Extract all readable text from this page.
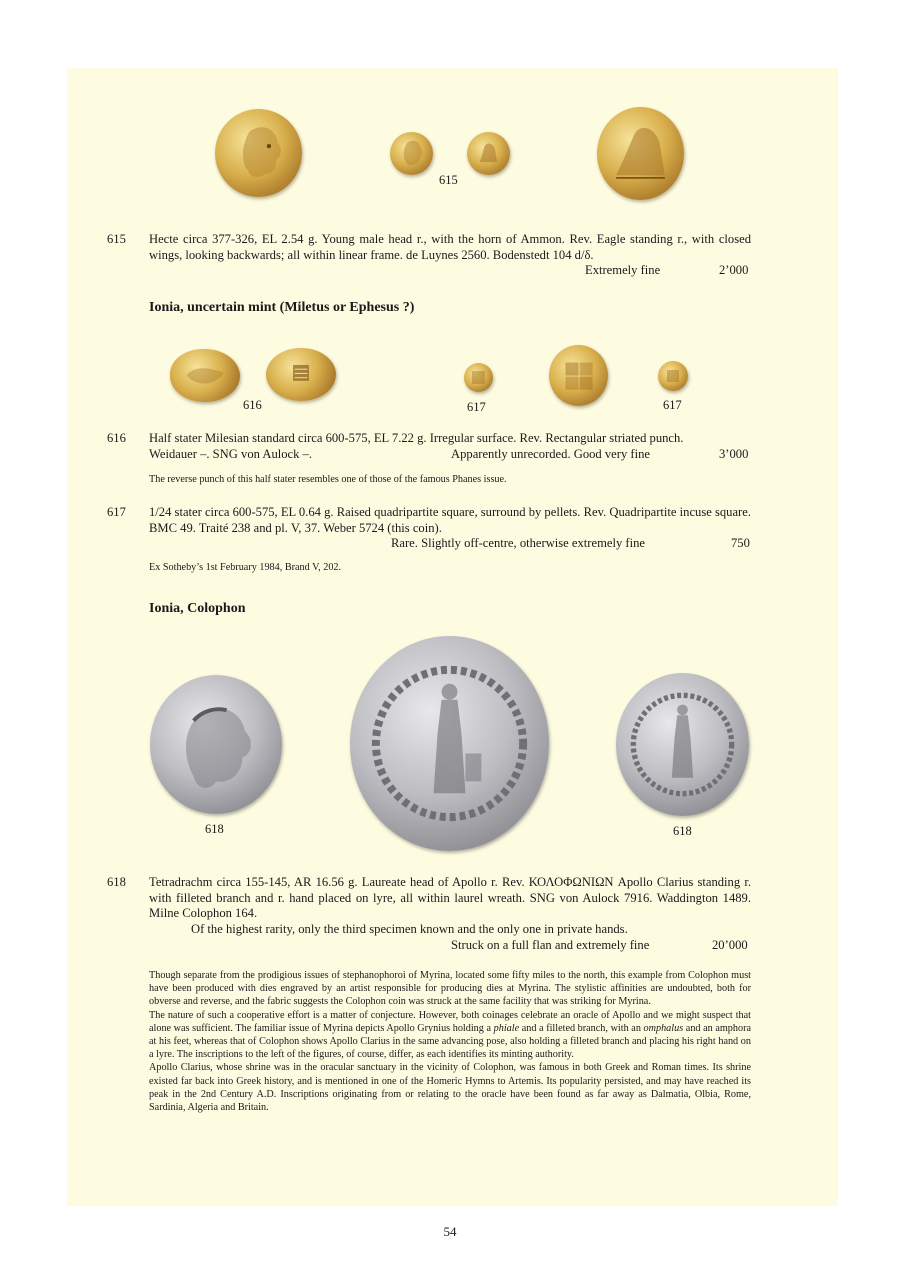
615
615 Hecte circa 377-326, EL 2.54 g. Young male head r., with the horn of Ammon. Rev. Eagle standing r., with closed wings, looking backwards; all within linear frame. de Luynes 2560. Bodenstedt 104 d/δ.
Extremely fine	2’000
Ionia, uncertain mint (Miletus or Ephesus ?)
616	617	617
616 Half stater Milesian standard circa 600-575, EL 7.22 g. Irregular surface. Rev. Rectangular striated punch.

Weidauer –. SNG von Aulock –.	Apparently unrecorded. Good very fine	3’000
The reverse punch of this half stater resembles one of those of the famous Phanes issue.
617 1/24 stater circa 600-575, EL 0.64 g. Raised quadripartite square, surround by pellets. Rev. Quadripartite incuse square. BMC 49. Traité 238 and pl. V, 37. Weber 5724 (this coin).
Rare. Slightly off-centre, otherwise extremely fine	750
Ex Sotheby’s 1st February 1984, Brand V, 202.
Ionia, Colophon
618	618
618 Tetradrachm circa 155-145, AR 16.56 g. Laureate head of Apollo r. Rev. ΚΟΛΟΦΩΝΙΩΝ Apollo Clarius standing r. with filleted branch and r. hand placed on lyre, all within laurel wreath. SNG von Aulock 7916. Waddington 1489. Milne Colophon 164.
Of the highest rarity, only the third specimen known and the only one in private hands.
Struck on a full flan and extremely fine	20’000

Though separate from the prodigious issues of stephanophoroi of Myrina, located some fifty miles to the north, this example from Colophon must have been produced with dies engraved by an artist responsible for producing dies at Myrina. The stylistic affinities are undoubted, both for obverse and reverse, and the fabric suggests the Colophon coin was struck at the same facility that was striking for Myrina.

The nature of such a cooperative effort is a matter of conjecture. However, both coinages celebrate an oracle of Apollo and we might suspect that alone was sufficient. The familiar issue of Myrina depicts Apollo Grynius holding a phiale and a filleted branch, with an omphalus and an amphora at his feet, whereas that of Colophon shows Apollo Clarius in the same advancing pose, also holding a filleted branch and placing his right hand on a lyre. The inscriptions to the left of the figures, of course, differ, as each identifies its minting authority.

Apollo Clarius, whose shrine was in the oracular sanctuary in the vicinity of Colophon, was famous in both Greek and Roman times. Its shrine existed far back into Greek history, and is mentioned in one of the Homeric Hymns to Artemis. Its popularity persisted, and may have reached its peak in the 2nd Century A.D. Inscriptions originating from or relating to the oracle have been found as far away as Dalmatia, Olbia, Rome, Sardinia, Algeria and Britain.

54
